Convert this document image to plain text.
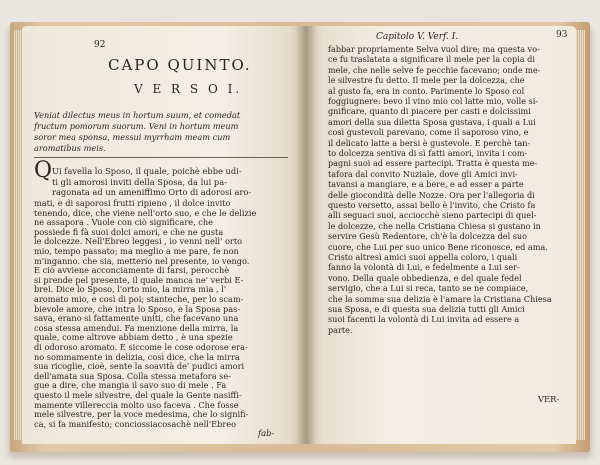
92
CAPO QUINTO.
V E R S O I.
Veniat dilectus meus in hortum suum, et comedat
fructum pomorum suorum. Veni in hortum meum
soror mea sponsa, messui myrrham meam cum
aromatibus meis.
Q Ui favella lo Sposo, il quale, poichè ebbe udi-
ti gli amorosi inviti della Sposa, da lui pa-
ragonata ad un ameniffimo Orto di adorosi aro-
mati, e di saporosi frutti ripieno , il dolce invito
tenendo, dice, che viene nell'orto suo, e che le delizie
ne assapora . Vuole con ciò significare, che
possiede fi fà suoi dolci amori, e che ne gusta
le dolcezze. Nell'Ebreo leggesi , io venni nell' orto
mio, tempo passato; ma meglio a me pare, fe non
m'inganno. che sia, metterio nel presente, io vengo.
E ciò avviene acconciamente di farsi, perocchè
si prende pel presente, il quale manca ne' verbi E-
brei. Dice lo Sposo, l'orto mio, la mirra mia , l'
aromato mio, e così di poi; stanteche, per lo scam-
bievole amore, che intra lo Sposo, e la Sposa pas-
sava, erano si fattamente uniti, che facevano una
cosa stessa amendui. Fa menzione della mirra, la
quale, come altrove abbiam detto , è una spezie
di odoroso aromato. E siccome le cose odorose era-
no sommamente in delizia, così dice, che la mirra
sua ricoglie, cioè, sente la soavità de' pudici amori
dell'amata sua Sposa. Colla stessa metafora se-
gue a dire, che mangia il savo suo di mele . Fa
questo il mele silvestre, del quale la Gente nasiffi-
mamente villereccia molto uso faceva . Che fosse
mele silvestre, per la voce medesima, che lo signifi-
ca, si fa manifesto; conciossiacosachè nell'Ebreo
fab-
Capitolo V. Verf. I.	93
fabbar propriamente Selva vuol dire; ma questa vo-
ce fu traslatata a significare il mele per la copia di
mele, che nelle selve fe pecchie facevano; onde me-
le silvestre fu detto. Il mele per la dolcezza, che
al gusto fa, era in conto. Parimente lo Sposo col
foggiugnere: bevo il vino mio col latte mio, volle si-
gnificare, quanto di piacere per casti e dolcissimi
amori della sua diletta Sposa gustava, i quali a Lui
così gustevoli parevano, come il saporoso vino, e
il delicato latte a bersi è gustevole. E perchè tan-
to dolcezza sentiva di sì fatti amori, invita i com-
pagni suoi ad essere partecipi. Tratta è questa me-
tafora dal convito Nuziale, dove gli Amici invi-
tavansi a mangiare, e a bere, e ad esser a parte
delle giocondità delle Nozze. Ora per l'allegoria di
questo versetto, assai bello è l'invito, che Cristo fa
alli seguaci suoi, acciocchè sieno partecipi di quel-
le dolcezze, che nella Cristiana Chiesa si gustano in
servire Gesù Redentore, ch'è la dolcezza del suo
cuore, che Lui per suo unico Bene riconosce, ed ama.
Cristo altresì amici suoi appella coloro, i quali
fanno la volontà di Lui, e fedelmente a Lui ser-
vono. Della quale obbedienza, e del quale fedel
servigio, che a Lui si reca, tanto se ne compiace,
che la somma sua delizia è l'amare la Cristiana Chiesa
sua Sposa, e di questa sua delizia tutti gli Amici
suoi facenti la volontà di Lui invita ad essere a
parte.
VER-
